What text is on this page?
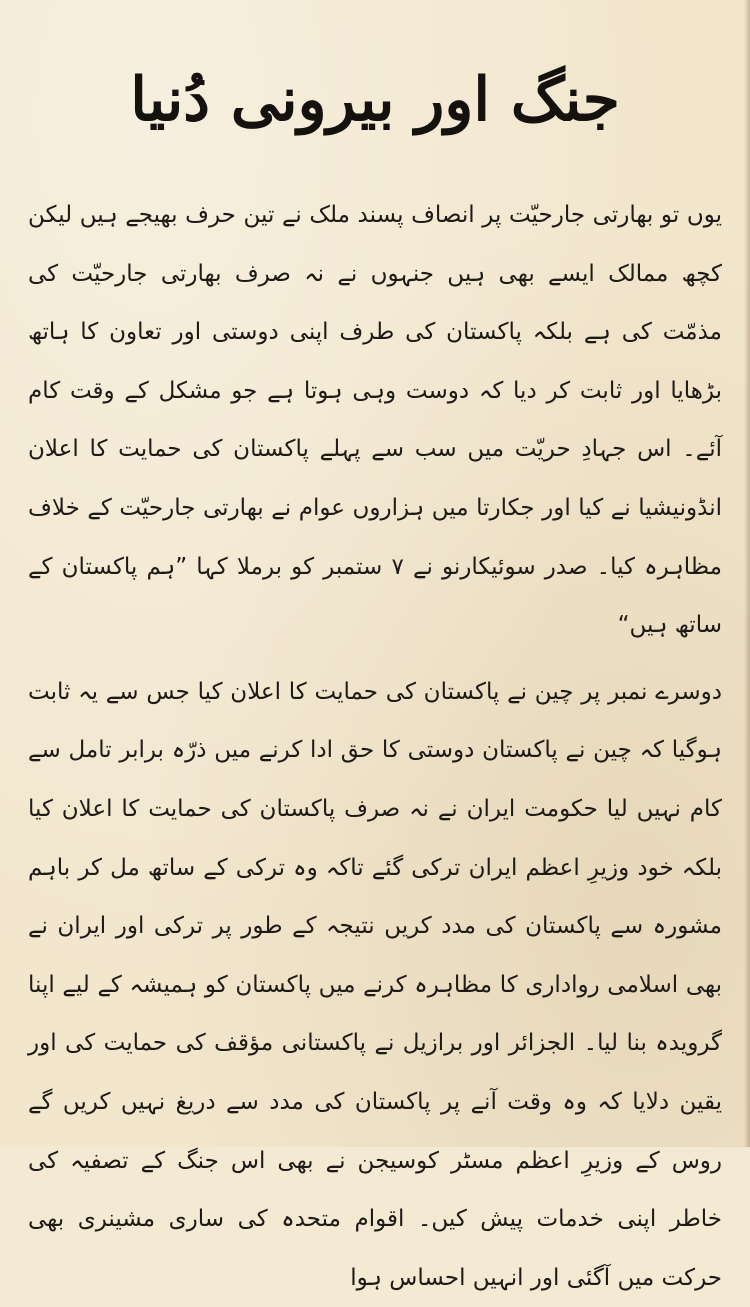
جنگ اور بیرونی دُنیا

یوں تو بھارتی جارحیّت پر انصاف پسند ملک نے تین حرف بھیجے ہیں لیکن کچھ ممالک ایسے بھی ہیں جنہوں نے نہ صرف بھارتی جارحیّت کی مذمّت کی ہے بلکہ پاکستان کی طرف اپنی دوستی اور تعاون کا ہاتھ بڑھایا اور ثابت کر دیا کہ دوست وہی ہوتا ہے جو مشکل کے وقت کام آئے۔ اس جہادِ حریّت میں سب سے پہلے پاکستان کی حمایت کا اعلان انڈونیشیا نے کیا اور جکارتا میں ہزاروں عوام نے بھارتی جارحیّت کے خلاف مظاہرہ کیا۔ صدر سوئیکارنو نے ۷ ستمبر کو برملا کہا ”ہم پاکستان کے ساتھ ہیں“

دوسرے نمبر پر چین نے پاکستان کی حمایت کا اعلان کیا جس سے یہ ثابت ہوگیا کہ چین نے پاکستان دوستی کا حق ادا کرنے میں ذرّہ برابر تامل سے کام نہیں لیا حکومت ایران نے نہ صرف پاکستان کی حمایت کا اعلان کیا بلکہ خود وزیرِ اعظم ایران ترکی گئے تاکہ وہ ترکی کے ساتھ مل کر باہم مشورہ سے پاکستان کی مدد کریں نتیجہ کے طور پر ترکی اور ایران نے بھی اسلامی رواداری کا مظاہرہ کرنے میں پاکستان کو ہمیشہ کے لیے اپنا گرویدہ بنا لیا۔ الجزائر اور برازیل نے پاکستانی مؤقف کی حمایت کی اور یقین دلایا کہ وہ وقت آنے پر پاکستان کی مدد سے دریغ نہیں کریں گے روس کے وزیرِ اعظم مسٹر کوسیجن نے بھی اس جنگ کے تصفیہ کی خاطر اپنی خدمات پیش کیں۔ اقوام متحدہ کی ساری مشینری بھی حرکت میں آگئی اور انہیں احساس ہوا
